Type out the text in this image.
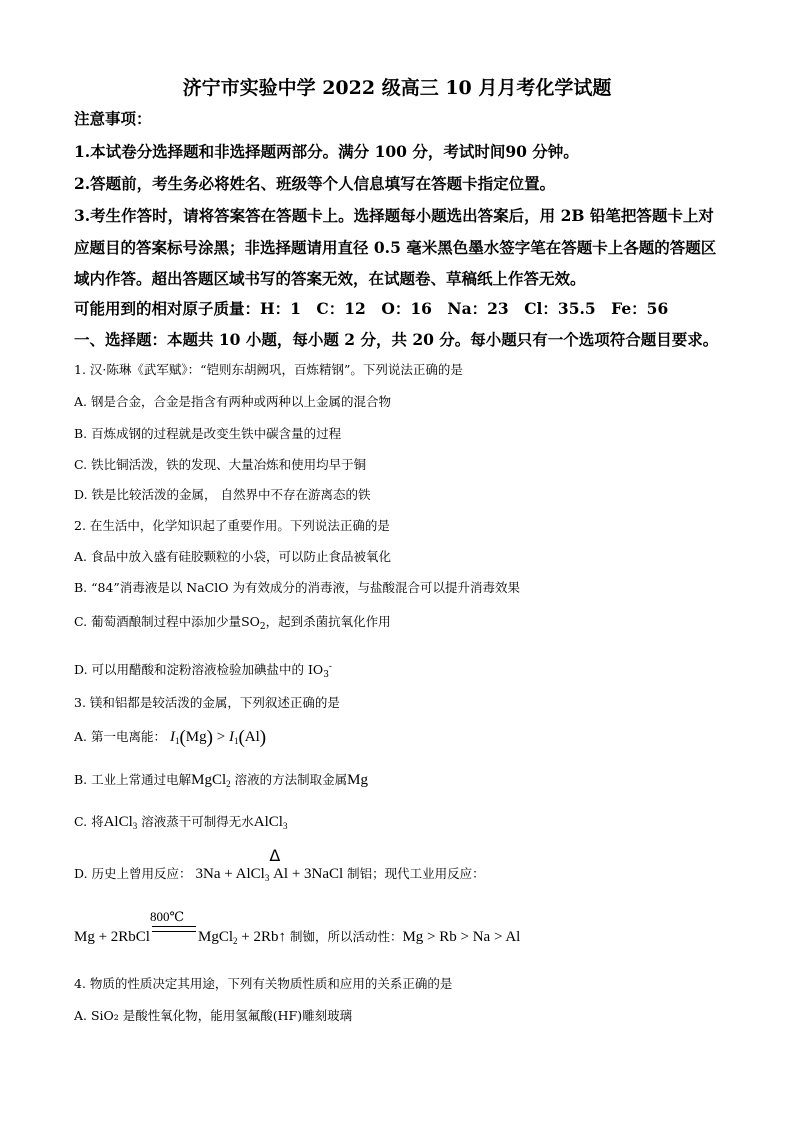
济宁市实验中学 2022 级高三 10 月月考化学试题
注意事项：
1.本试卷分选择题和非选择题两部分。满分 100 分，考试时间90 分钟。
2.答题前，考生务必将姓名、班级等个人信息填写在答题卡指定位置。
3.考生作答时，请将答案答在答题卡上。选择题每小题选出答案后，用 2B 铅笔把答题卡上对
应题目的答案标号涂黑；非选择题请用直径 0.5 毫米黑色墨水签字笔在答题卡上各题的答题区
域内作答。超出答题区域书写的答案无效，在试题卷、草稿纸上作答无效。
可能用到的相对原子质量：H：1　C：12　O：16　Na：23　Cl：35.5　Fe：56
一、选择题：本题共 10 小题，每小题 2 分，共 20 分。每小题只有一个选项符合题目要求。
1. 汉·陈琳《武军赋》：“铠则东胡阙巩，百炼精钢”。下列说法正确的是
A. 钢是合金，合金是指含有两种或两种以上金属的混合物
B. 百炼成钢的过程就是改变生铁中碳含量的过程
C. 铁比铜活泼，铁的发现、大量冶炼和使用均早于铜
D. 铁是比较活泼的金属， 自然界中不存在游离态的铁
2. 在生活中，化学知识起了重要作用。下列说法正确的是
A. 食品中放入盛有硅胶颗粒的小袋，可以防止食品被氧化
B. “84”消毒液是以 NaClO 为有效成分的消毒液，与盐酸混合可以提升消毒效果
C. 葡萄酒酿制过程中添加少量$SO_2$，起到杀菌抗氧化作用
D. 可以用醋酸和淀粉溶液检验加碘盐中的 $IO_3^-$
3. 镁和铝都是较活泼的金属，下列叙述正确的是
A. 第一电离能： $I_1(Mg) > I_1(Al)$
B. 工业上常通过电解MgCl$_2$ 溶液的方法制取金属Mg
C. 将AlCl$_3$ 溶液蒸干可制得无水AlCl$_3$
D. 历史上曾用反应： 3Na + AlCl$_3$
Δ
Al + 3NaCl 制铝；现代工业用反应：
Mg + 2RbCl
800℃
MgCl$_2$ + 2Rb↑ 制铷，所以活动性：Mg > Rb > Na > Al
4. 物质的性质决定其用途，下列有关物质性质和应用的关系正确的是
A. SiO₂ 是酸性氧化物，能用氢氟酸(HF)雕刻玻璃
